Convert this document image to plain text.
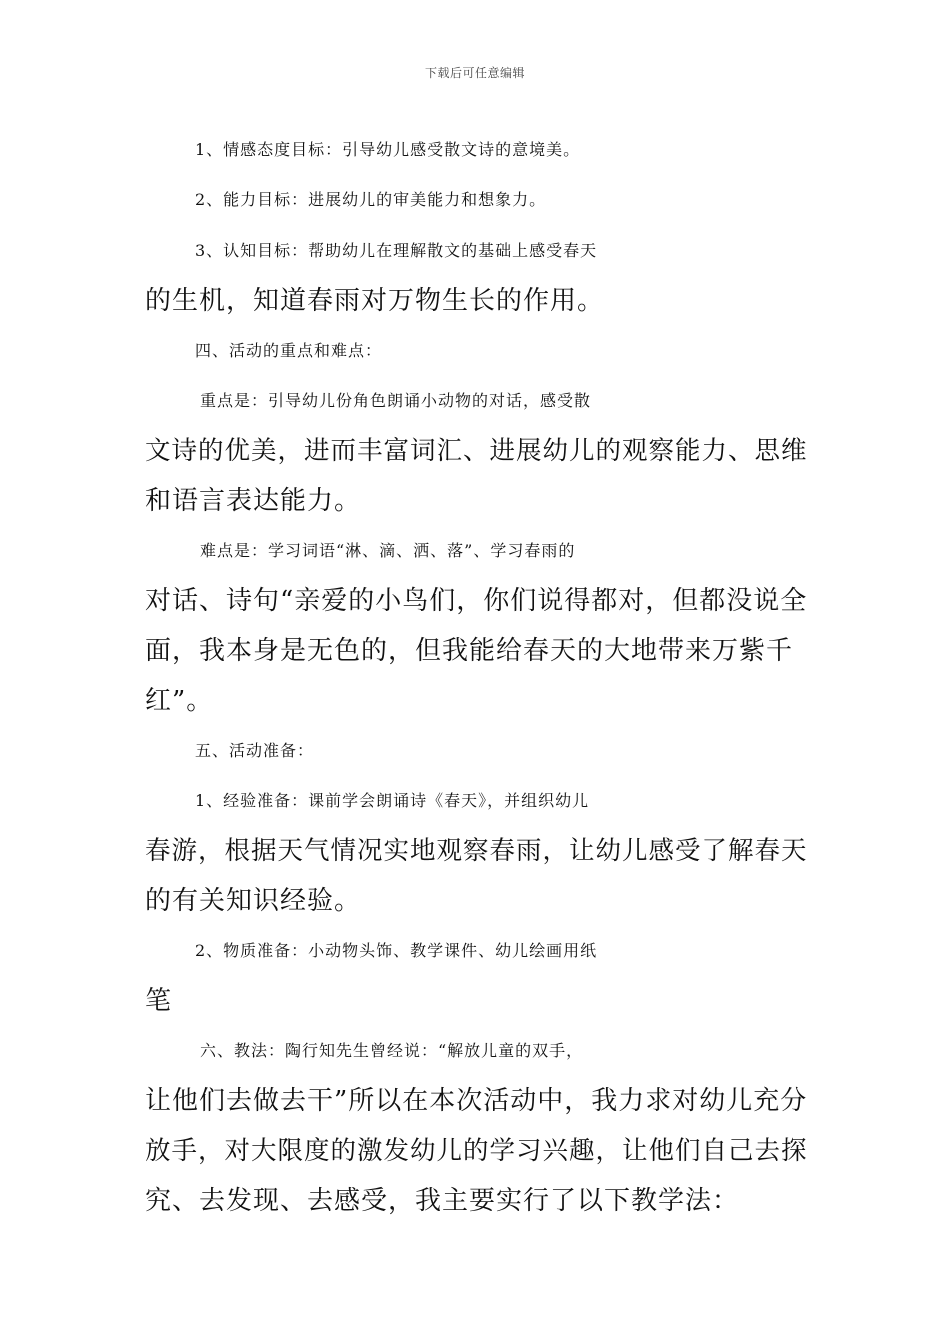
下载后可任意编辑
1、情感态度目标：引导幼儿感受散文诗的意境美。
2、能力目标：进展幼儿的审美能力和想象力。
3、认知目标：帮助幼儿在理解散文的基础上感受春天
的生机，知道春雨对万物生长的作用。
四、活动的重点和难点：
重点是：引导幼儿份角色朗诵小动物的对话，感受散
文诗的优美，进而丰富词汇、进展幼儿的观察能力、思维
和语言表达能力。
难点是：学习词语“淋、滴、洒、落”、学习春雨的
对话、诗句“亲爱的小鸟们，你们说得都对，但都没说全
面，我本身是无色的，但我能给春天的大地带来万紫千
红”。
五、活动准备：
1、经验准备：课前学会朗诵诗《春天》，并组织幼儿
春游，根据天气情况实地观察春雨，让幼儿感受了解春天
的有关知识经验。
2、物质准备：小动物头饰、教学课件、幼儿绘画用纸
笔
六、教法：陶行知先生曾经说：“解放儿童的双手，
让他们去做去干”所以在本次活动中，我力求对幼儿充分
放手，对大限度的激发幼儿的学习兴趣，让他们自己去探
究、去发现、去感受，我主要实行了以下教学法：
